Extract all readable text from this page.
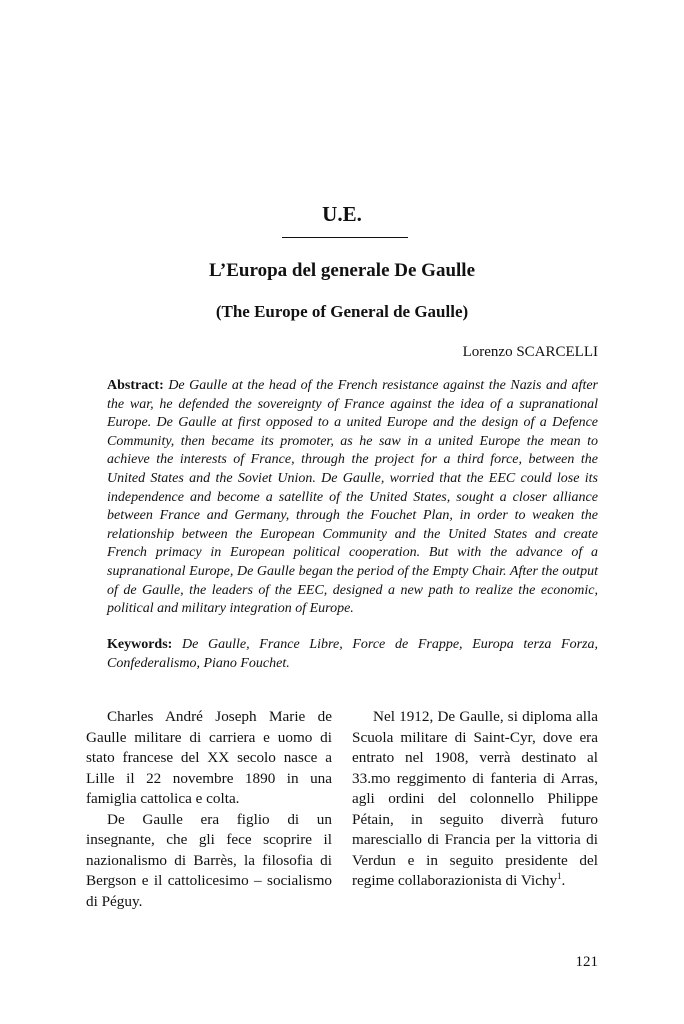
U.E.
L’Europa del generale De Gaulle
(The Europe of General de Gaulle)
Lorenzo SCARCELLI
Abstract: De Gaulle at the head of the French resistance against the Nazis and after the war, he defended the sovereignty of France against the idea of a supranational Europe. De Gaulle at first opposed to a united Europe and the design of a Defence Community, then became its promoter, as he saw in a united Europe the mean to achieve the interests of France, through the project for a third force, between the United States and the Soviet Union. De Gaulle, worried that the EEC could lose its independence and become a satellite of the United States, sought a closer alliance between France and Germany, through the Fouchet Plan, in order to weaken the relationship between the European Community and the United States and create French primacy in European political cooperation. But with the advance of a supranational Europe, De Gaulle began the period of the Empty Chair. After the output of de Gaulle, the leaders of the EEC, designed a new path to realize the economic, political and military integration of Europe.
Keywords: De Gaulle, France Libre, Force de Frappe, Europa terza Forza, Confederalismo, Piano Fouchet.

Charles André Joseph Marie de Gaulle militare di carriera e uomo di stato francese del XX secolo nasce a Lille il 22 novembre 1890 in una famiglia cattolica e colta.

De Gaulle era figlio di un insegnante, che gli fece scoprire il nazionalismo di Barrès, la filosofia di Bergson e il cattolicesimo – socialismo di Péguy.

Nel 1912, De Gaulle, si diploma alla Scuola militare di Saint-Cyr, dove era entrato nel 1908, verrà destinato al 33.mo reggimento di fanteria di Arras, agli ordini del colonnello Philippe Pétain, in seguito diverrà futuro maresciallo di Francia per la vittoria di Verdun e in seguito presidente del regime collaborazionista di Vichy$^1$.

121
